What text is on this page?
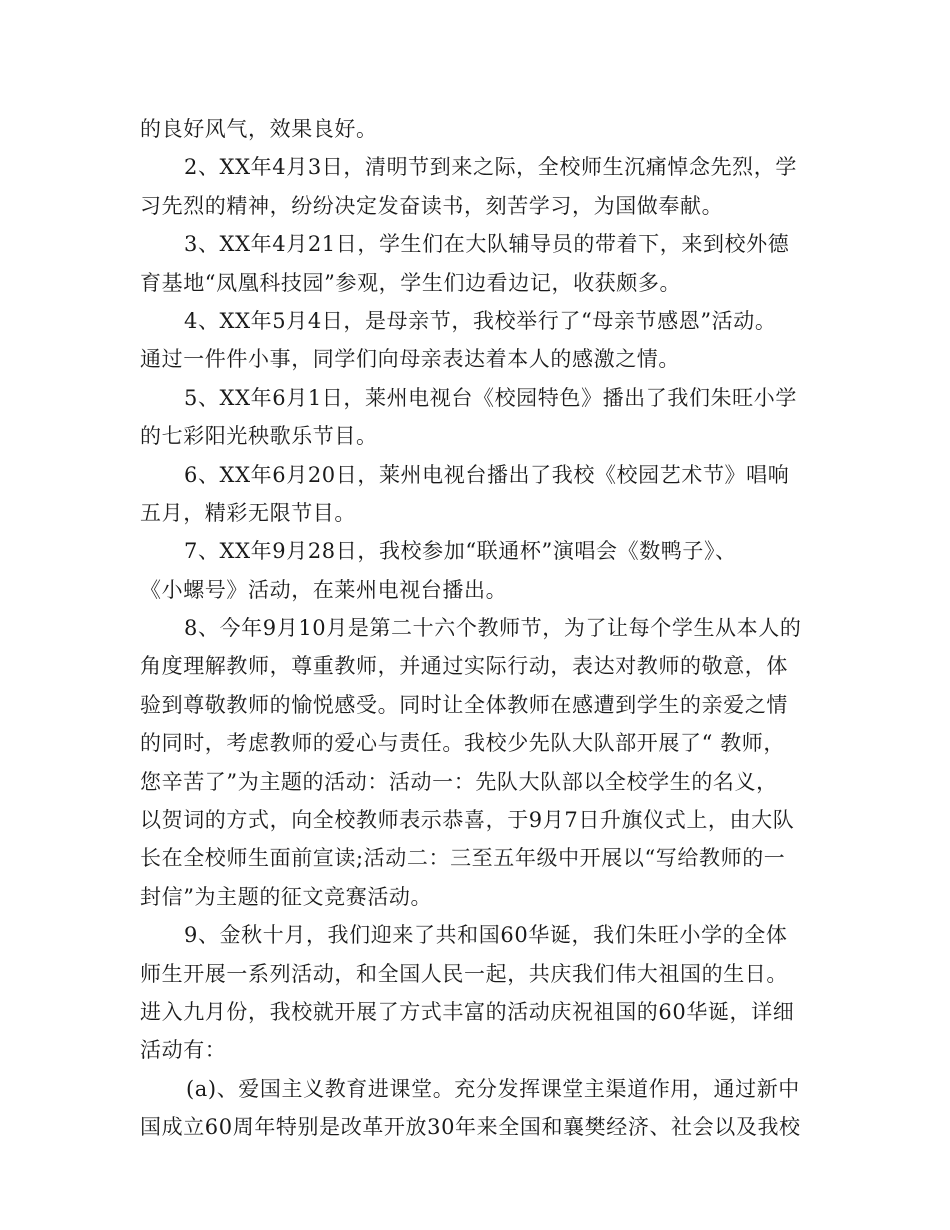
的良好风气，效果良好。
2、XX年4月3日，清明节到来之际，全校师生沉痛悼念先烈，学
习先烈的精神，纷纷决定发奋读书，刻苦学习，为国做奉献。
3、XX年4月21日，学生们在大队辅导员的带着下，来到校外德
育基地“凤凰科技园”参观，学生们边看边记，收获颇多。
4、XX年5月4日，是母亲节，我校举行了“母亲节感恩”活动。
通过一件件小事，同学们向母亲表达着本人的感激之情。
5、XX年6月1日，莱州电视台《校园特色》播出了我们朱旺小学
的七彩阳光秧歌乐节目。
6、XX年6月20日，莱州电视台播出了我校《校园艺术节》唱响
五月，精彩无限节目。
7、XX年9月28日，我校参加“联通杯”演唱会《数鸭子》、
《小螺号》活动，在莱州电视台播出。
8、今年9月10月是第二十六个教师节，为了让每个学生从本人的
角度理解教师，尊重教师，并通过实际行动，表达对教师的敬意，体
验到尊敬教师的愉悦感受。同时让全体教师在感遭到学生的亲爱之情
的同时，考虑教师的爱心与责任。我校少先队大队部开展了“ 教师，
您辛苦了”为主题的活动：活动一：先队大队部以全校学生的名义，
以贺词的方式，向全校教师表示恭喜，于9月7日升旗仪式上，由大队
长在全校师生面前宣读;活动二：三至五年级中开展以“写给教师的一
封信”为主题的征文竞赛活动。
9、金秋十月，我们迎来了共和国60华诞，我们朱旺小学的全体
师生开展一系列活动，和全国人民一起，共庆我们伟大祖国的生日。
进入九月份，我校就开展了方式丰富的活动庆祝祖国的60华诞，详细
活动有：
(a)、爱国主义教育进课堂。充分发挥课堂主渠道作用，通过新中
国成立60周年特别是改革开放30年来全国和襄樊经济、社会以及我校
